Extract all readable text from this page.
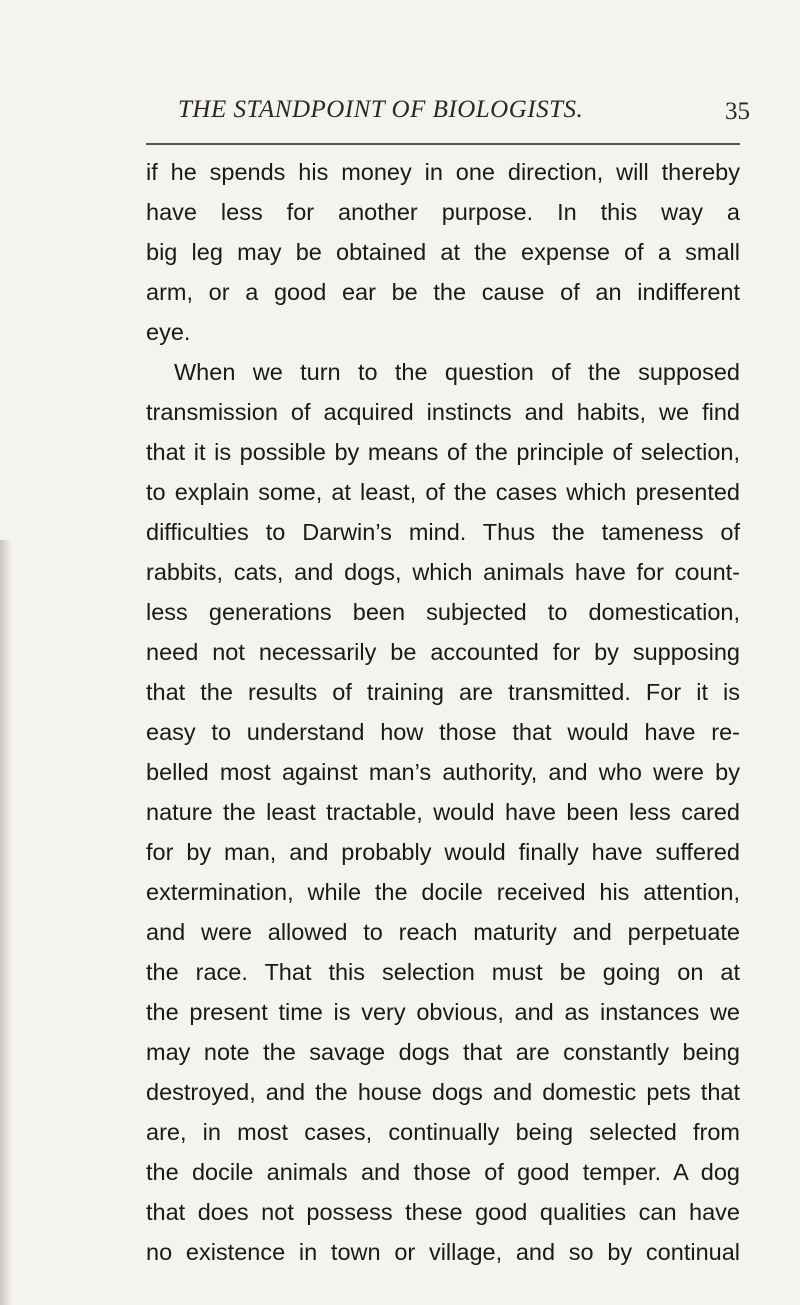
THE STANDPOINT OF BIOLOGISTS.	35
if he spends his money in one direction, will thereby
have less for another purpose. In this way a
big leg may be obtained at the expense of a small
arm, or a good ear be the cause of an indifferent
eye.
When we turn to the question of the supposed
transmission of acquired instincts and habits, we find
that it is possible by means of the principle of selection,
to explain some, at least, of the cases which presented
difficulties to Darwin’s mind. Thus the tameness of
rabbits, cats, and dogs, which animals have for count-
less generations been subjected to domestication,
need not necessarily be accounted for by supposing
that the results of training are transmitted. For it is
easy to understand how those that would have re-
belled most against man’s authority, and who were by
nature the least tractable, would have been less cared
for by man, and probably would finally have suffered
extermination, while the docile received his attention,
and were allowed to reach maturity and perpetuate
the race. That this selection must be going on at
the present time is very obvious, and as instances we
may note the savage dogs that are constantly being
destroyed, and the house dogs and domestic pets that
are, in most cases, continually being selected from
the docile animals and those of good temper. A dog
that does not possess these good qualities can have
no existence in town or village, and so by continual
